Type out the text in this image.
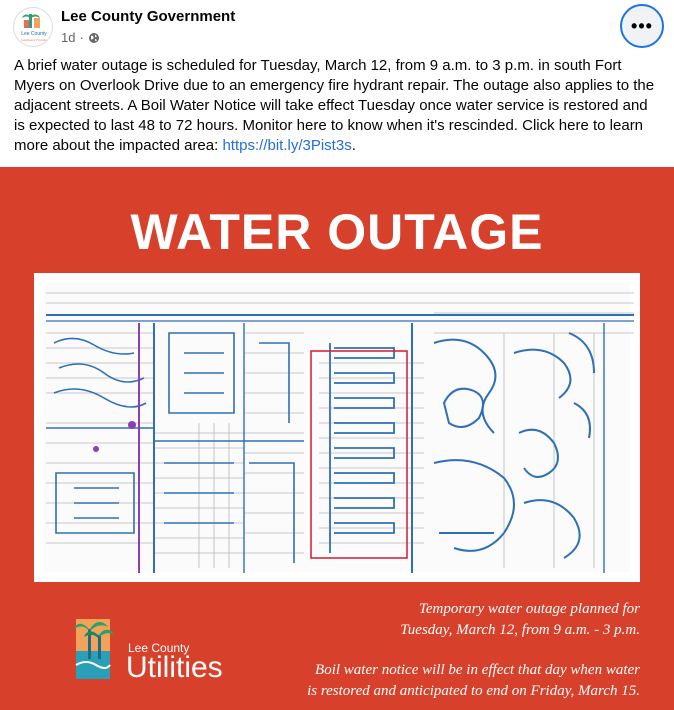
Lee County
Southwest Florida
Lee County Government
1d ·
•••
A brief water outage is scheduled for Tuesday, March 12, from 9 a.m. to 3 p.m. in south Fort Myers on Overlook Drive due to an emergency fire hydrant repair. The outage also applies to the adjacent streets. A Boil Water Notice will take effect Tuesday once water service is restored and is expected to last 48 to 72 hours. Monitor here to know when it's rescinded. Click here to learn more about the impacted area: https://bit.ly/3Pist3s.
WATER OUTAGE
Lee County
Utilities
Temporary water outage planned for
Tuesday, March 12, from 9 a.m. - 3 p.m.
Boil water notice will be in effect that day when water
is restored and anticipated to end on Friday, March 15.
